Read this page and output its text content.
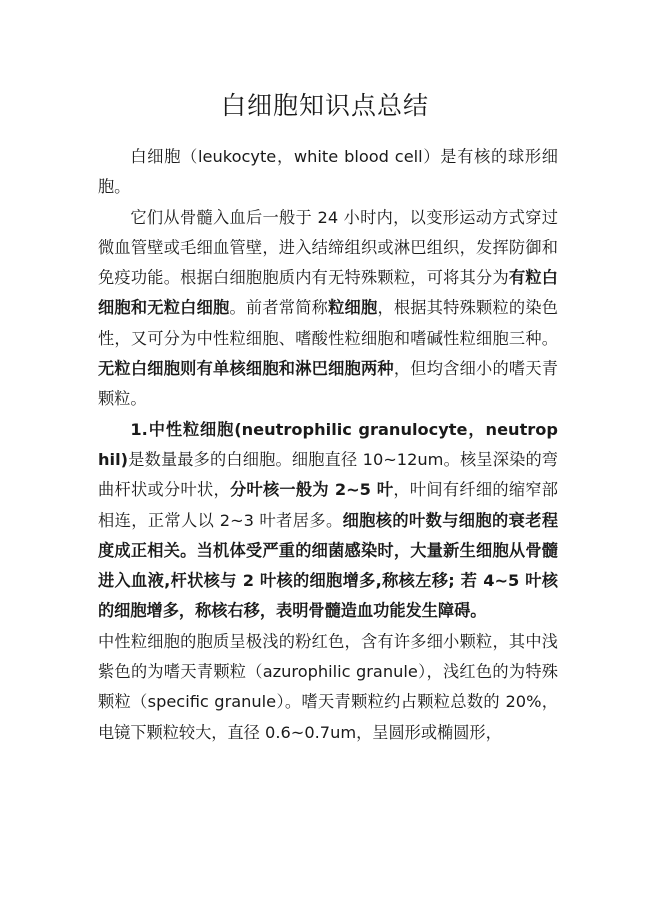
白细胞知识点总结

白细胞（leukocyte，white blood cell）是有核的球形细胞。

它们从骨髓入血后一般于 24 小时内，以变形运动方式穿过微血管壁或毛细血管壁，进入结缔组织或淋巴组织，发挥防御和免疫功能。根据白细胞胞质内有无特殊颗粒，可将其分为有粒白细胞和无粒白细胞。前者常简称粒细胞，根据其特殊颗粒的染色性，又可分为中性粒细胞、嗜酸性粒细胞和嗜碱性粒细胞三种。无粒白细胞则有单核细胞和淋巴细胞两种，但均含细小的嗜天青颗粒。

1.中性粒细胞(neutrophilic granulocyte，neutrophil)是数量最多的白细胞。细胞直径 10~12um。核呈深染的弯曲杆状或分叶状，分叶核一般为 2~5 叶，叶间有纤细的缩窄部相连，正常人以 2~3 叶者居多。细胞核的叶数与细胞的衰老程度成正相关。当机体受严重的细菌感染时，大量新生细胞从骨髓进入血液,杆状核与 2 叶核的细胞增多,称核左移; 若 4~5 叶核的细胞增多，称核右移，表明骨髓造血功能发生障碍。

中性粒细胞的胞质呈极浅的粉红色，含有许多细小颗粒，其中浅紫色的为嗜天青颗粒（azurophilic granule），浅红色的为特殊颗粒（specific granule）。嗜天青颗粒约占颗粒总数的 20%，电镜下颗粒较大，直径 0.6~0.7um，呈圆形或椭圆形，
